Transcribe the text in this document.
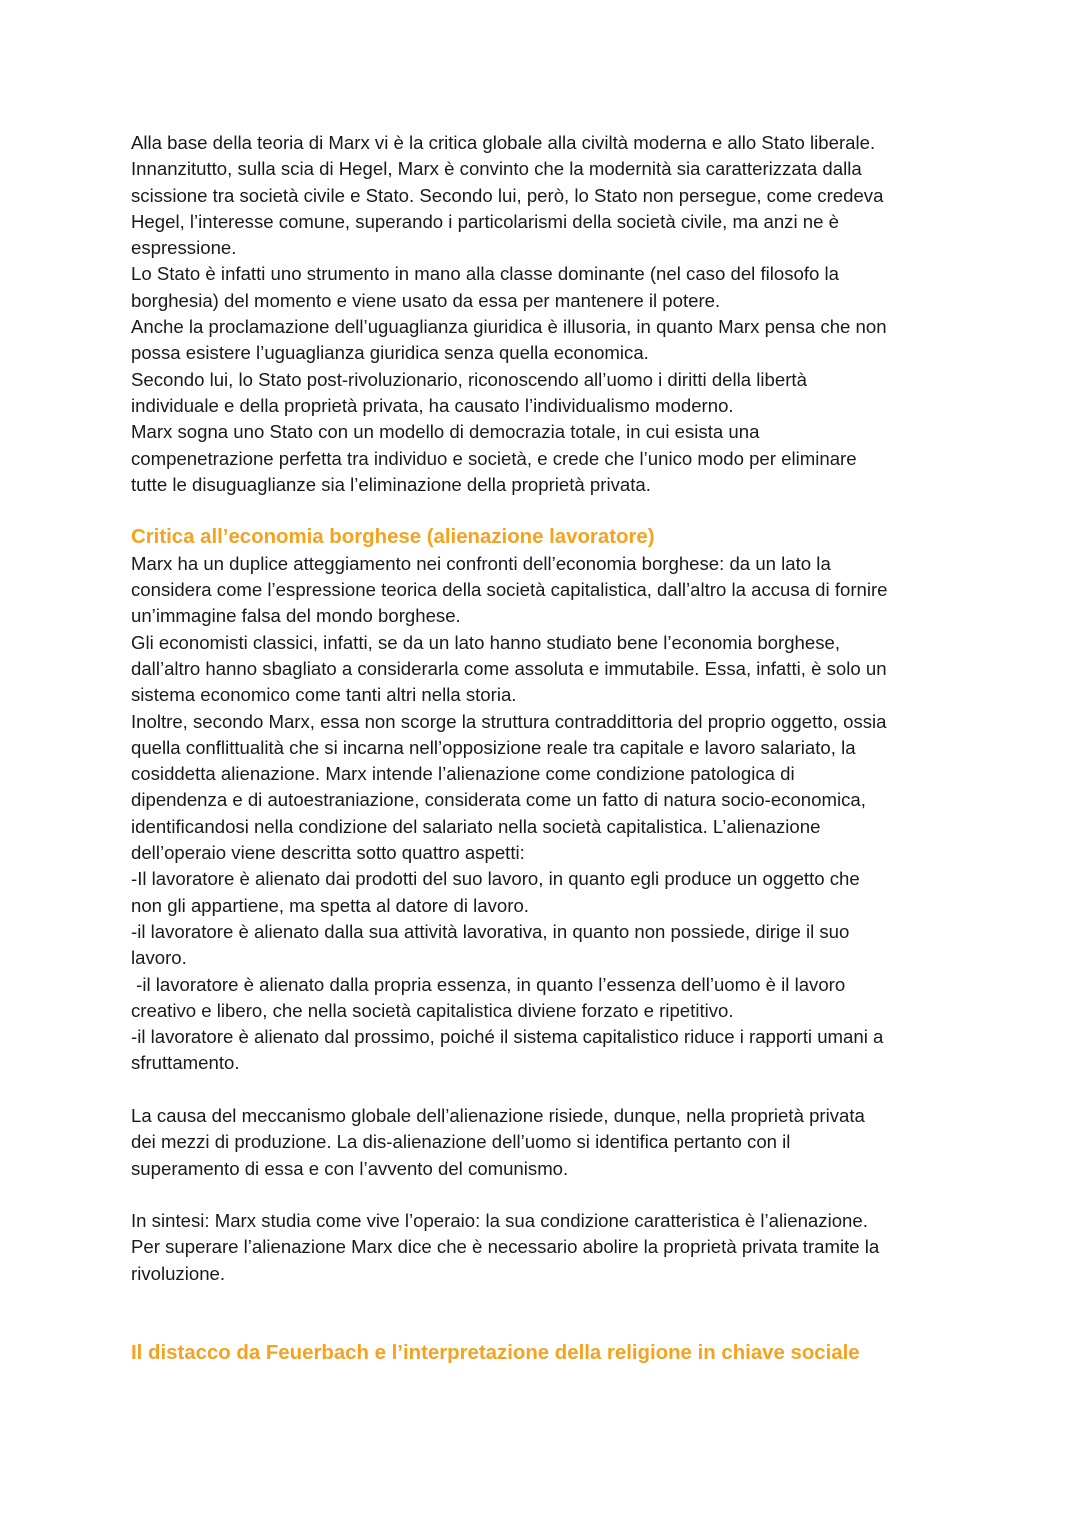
Alla base della teoria di Marx vi è la critica globale alla civiltà moderna e allo Stato liberale.
Innanzitutto, sulla scia di Hegel, Marx è convinto che la modernità sia caratterizzata dalla
scissione tra società civile e Stato. Secondo lui, però, lo Stato non persegue, come credeva
Hegel, l’interesse comune, superando i particolarismi della società civile, ma anzi ne è
espressione.
Lo Stato è infatti uno strumento in mano alla classe dominante (nel caso del filosofo la
borghesia) del momento e viene usato da essa per mantenere il potere.
Anche la proclamazione dell’uguaglianza giuridica è illusoria, in quanto Marx pensa che non
possa esistere l’uguaglianza giuridica senza quella economica.
Secondo lui, lo Stato post-rivoluzionario, riconoscendo all’uomo i diritti della libertà
individuale e della proprietà privata, ha causato l’individualismo moderno.
Marx sogna uno Stato con un modello di democrazia totale, in cui esista una
compenetrazione perfetta tra individuo e società, e crede che l’unico modo per eliminare
tutte le disuguaglianze sia l’eliminazione della proprietà privata.
Critica all’economia borghese (alienazione lavoratore)
Marx ha un duplice atteggiamento nei confronti dell’economia borghese: da un lato la
considera come l’espressione teorica della società capitalistica, dall’altro la accusa di fornire
un’immagine falsa del mondo borghese.
Gli economisti classici, infatti, se da un lato hanno studiato bene l’economia borghese,
dall’altro hanno sbagliato a considerarla come assoluta e immutabile. Essa, infatti, è solo un
sistema economico come tanti altri nella storia.
Inoltre, secondo Marx, essa non scorge la struttura contraddittoria del proprio oggetto, ossia
quella conflittualità che si incarna nell’opposizione reale tra capitale e lavoro salariato, la
cosiddetta alienazione. Marx intende l’alienazione come condizione patologica di
dipendenza e di autoestraniazione, considerata come un fatto di natura socio-economica,
identificandosi nella condizione del salariato nella società capitalistica. L’alienazione
dell’operaio viene descritta sotto quattro aspetti:
-Il lavoratore è alienato dai prodotti del suo lavoro, in quanto egli produce un oggetto che
non gli appartiene, ma spetta al datore di lavoro.
-il lavoratore è alienato dalla sua attività lavorativa, in quanto non possiede, dirige il suo
lavoro.
-il lavoratore è alienato dalla propria essenza, in quanto l’essenza dell’uomo è il lavoro
creativo e libero, che nella società capitalistica diviene forzato e ripetitivo.
-il lavoratore è alienato dal prossimo, poiché il sistema capitalistico riduce i rapporti umani a
sfruttamento.
La causa del meccanismo globale dell’alienazione risiede, dunque, nella proprietà privata
dei mezzi di produzione. La dis-alienazione dell’uomo si identifica pertanto con il
superamento di essa e con l’avvento del comunismo.
In sintesi: Marx studia come vive l’operaio: la sua condizione caratteristica è l’alienazione.
Per superare l’alienazione Marx dice che è necessario abolire la proprietà privata tramite la
rivoluzione.
Il distacco da Feuerbach e l’interpretazione della religione in chiave sociale
